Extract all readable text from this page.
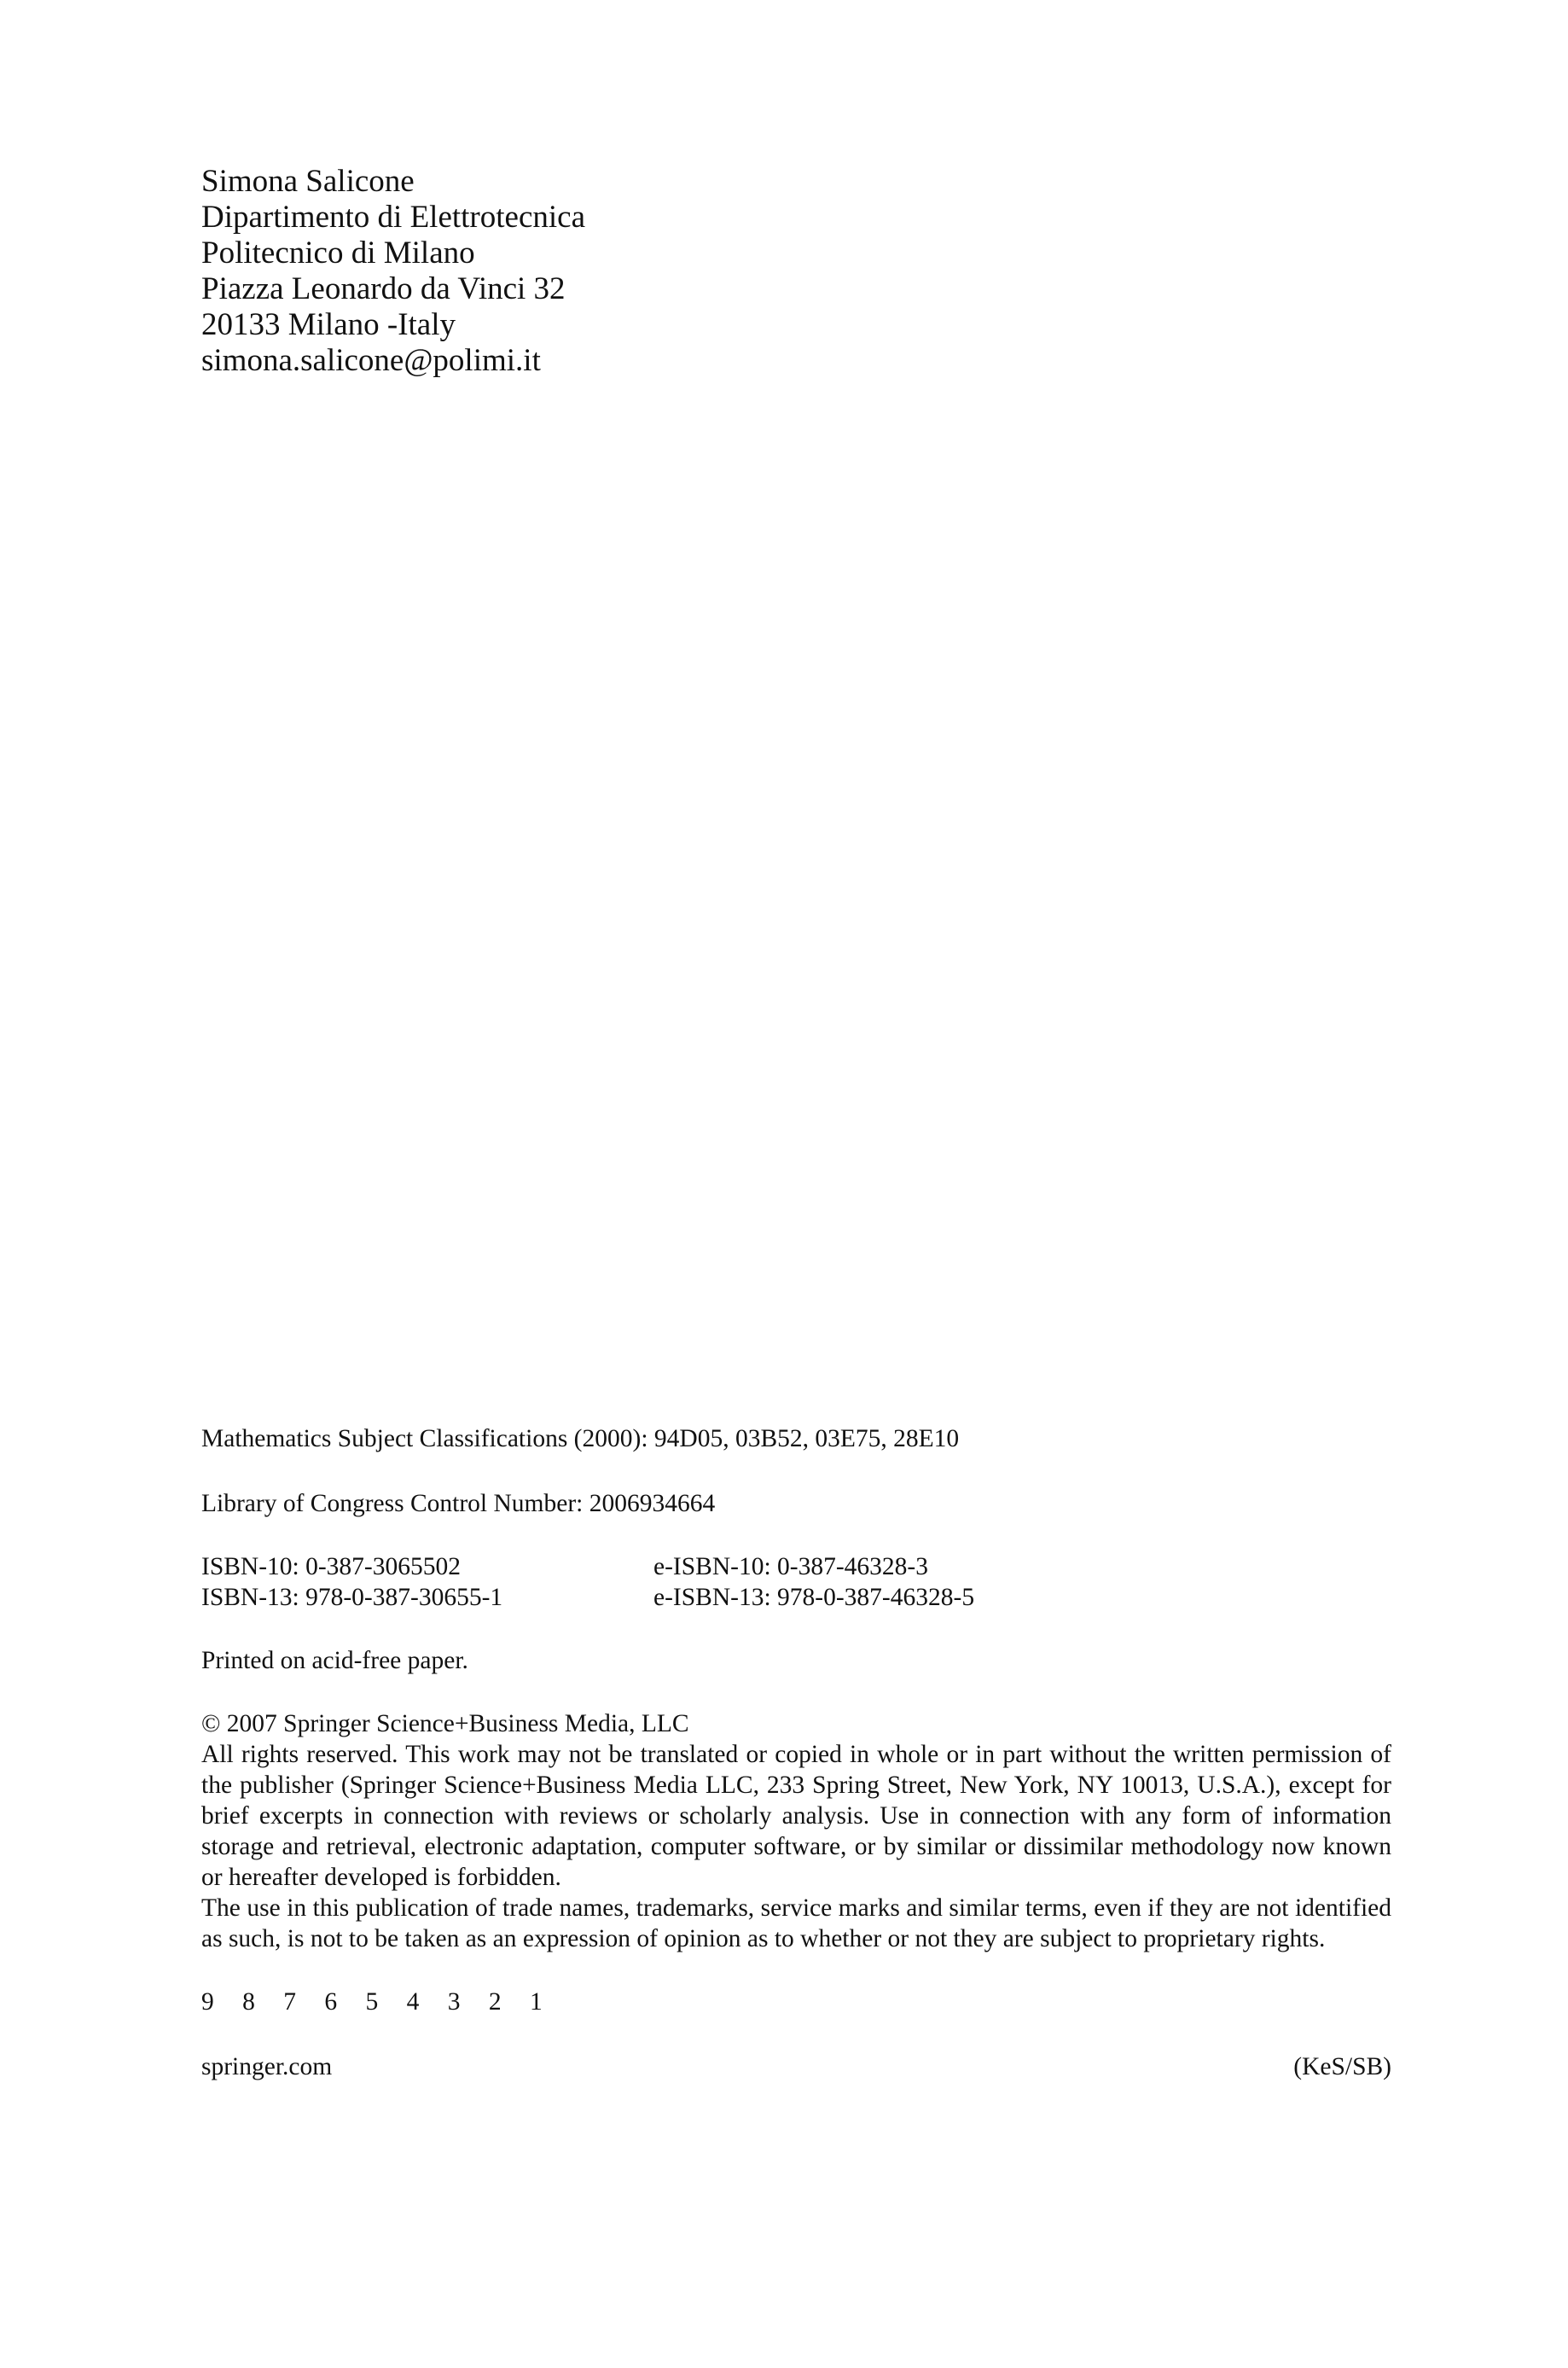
Simona Salicone
Dipartimento di Elettrotecnica
Politecnico di Milano
Piazza Leonardo da Vinci 32
20133 Milano -Italy
simona.salicone@polimi.it
Mathematics Subject Classifications (2000): 94D05, 03B52, 03E75, 28E10
Library of Congress Control Number: 2006934664
ISBN-10: 0-387-3065502	e-ISBN-10: 0-387-46328-3
ISBN-13: 978-0-387-30655-1	e-ISBN-13: 978-0-387-46328-5
Printed on acid-free paper.
© 2007 Springer Science+Business Media, LLC
All rights reserved. This work may not be translated or copied in whole or in part without the written permission of the publisher (Springer Science+Business Media LLC, 233 Spring Street, New York, NY 10013, U.S.A.), except for brief excerpts in connection with reviews or scholarly analysis. Use in connection with any form of information storage and retrieval, electronic adaptation, computer software, or by similar or dissimilar methodology now known or hereafter developed is forbidden.
The use in this publication of trade names, trademarks, service marks and similar terms, even if they are not identified as such, is not to be taken as an expression of opinion as to whether or not they are subject to proprietary rights.
9 8 7 6 5 4 3 2 1
springer.com	(KeS/SB)
